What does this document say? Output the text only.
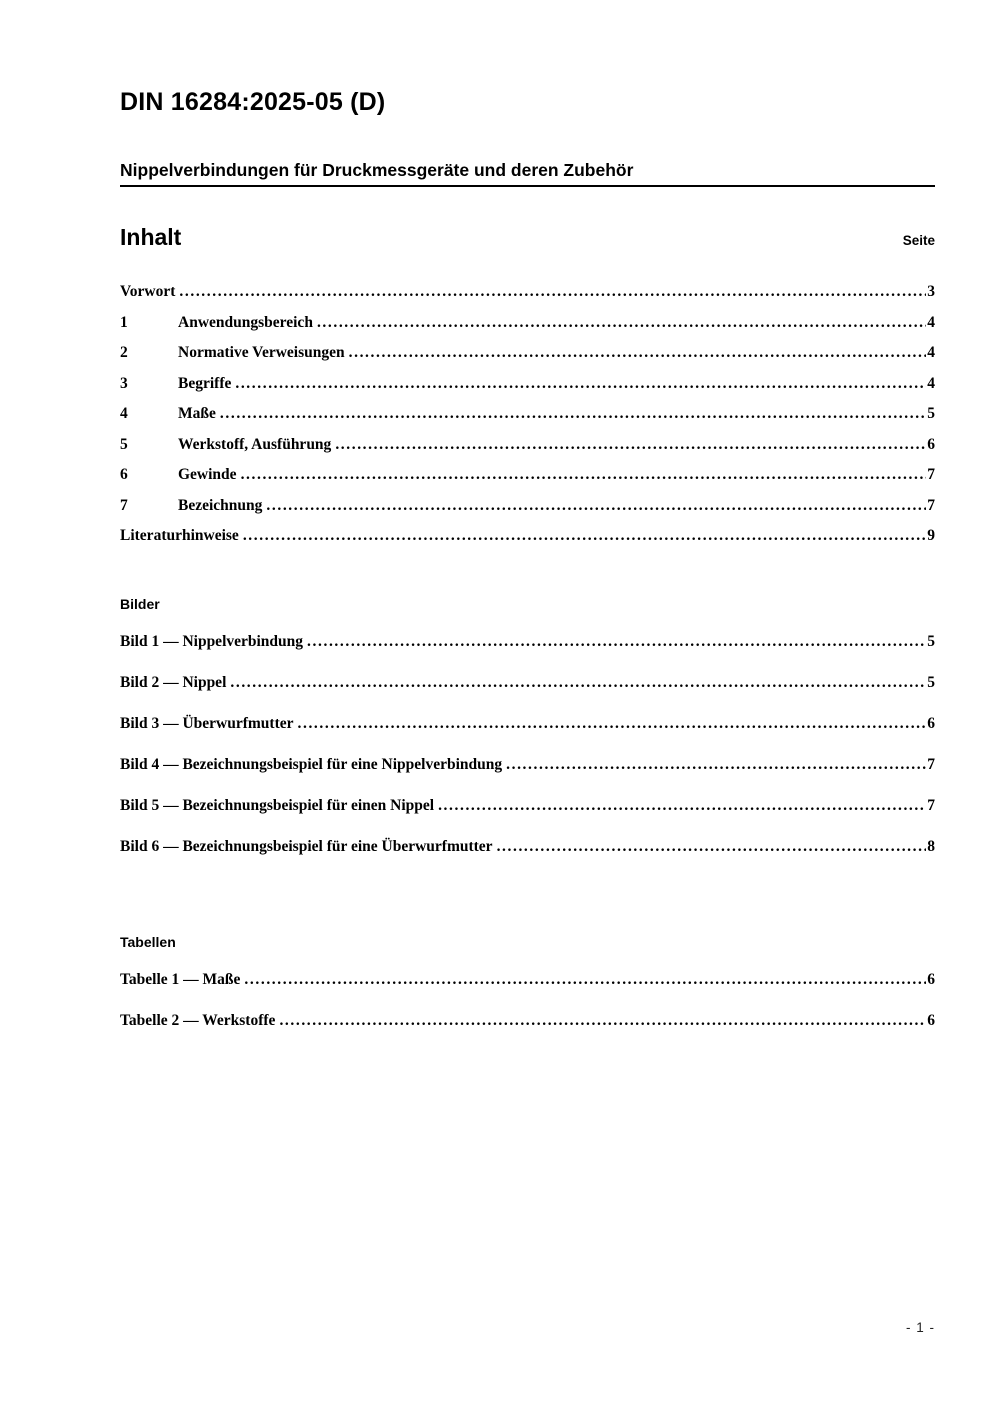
DIN 16284:2025-05 (D)
Nippelverbindungen für Druckmessgeräte und deren Zubehör
Inhalt	Seite
Vorwort .....	3
1	Anwendungsbereich .....	4
2	Normative Verweisungen .....	4
3	Begriffe .....	4
4	Maße .....	5
5	Werkstoff, Ausführung .....	6
6	Gewinde .....	7
7	Bezeichnung .....	7
Literaturhinweise .....	9
Bilder
Bild 1 — Nippelverbindung .....	5
Bild 2 — Nippel .....	5
Bild 3 — Überwurfmutter .....	6
Bild 4 — Bezeichnungsbeispiel für eine Nippelverbindung .....	7
Bild 5 — Bezeichnungsbeispiel für einen Nippel .....	7
Bild 6 — Bezeichnungsbeispiel für eine Überwurfmutter .....	8
Tabellen
Tabelle 1 — Maße .....	6
Tabelle 2 — Werkstoffe .....	6
- 1 -
